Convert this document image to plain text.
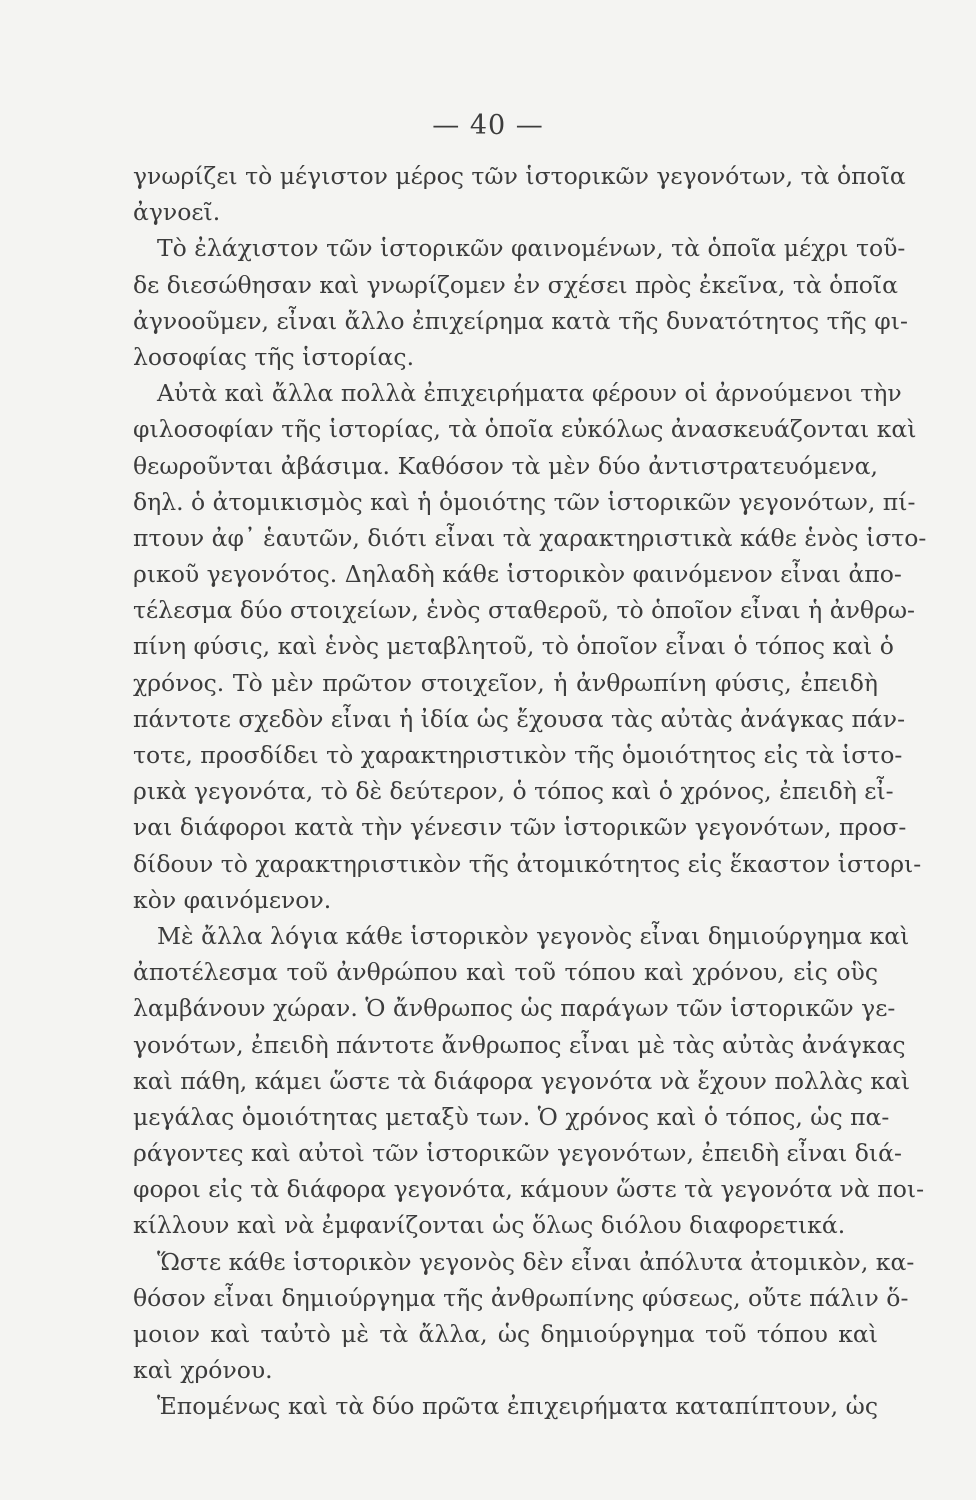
— 40 —
γνωρίζει τὸ μέγιστον μέρος τῶν ἱστορικῶν γεγονότων, τὰ ὁποῖα
ἀγνοεῖ.
Τὸ ἐλάχιστον τῶν ἱστορικῶν φαινομένων, τὰ ὁποῖα μέχρι τοῦ-
δε διεσώθησαν καὶ γνωρίζομεν ἐν σχέσει πρὸς ἐκεῖνα, τὰ ὁποῖα
ἀγνοοῦμεν, εἶναι ἄλλο ἐπιχείρημα κατὰ τῆς δυνατότητος τῆς φι-
λοσοφίας τῆς ἱστορίας.
Αὐτὰ καὶ ἄλλα πολλὰ ἐπιχειρήματα φέρουν οἱ ἀρνούμενοι τὴν
φιλοσοφίαν τῆς ἱστορίας, τὰ ὁποῖα εὐκόλως ἀνασκευάζονται καὶ
θεωροῦνται ἀβάσιμα. Καθόσον τὰ μὲν δύο ἀντιστρατευόμενα,
δηλ. ὁ ἀτομικισμὸς καὶ ἡ ὁμοιότης τῶν ἱστορικῶν γεγονότων, πί-
πτουν ἀφ᾽ ἑαυτῶν, διότι εἶναι τὰ χαρακτηριστικὰ κάθε ἑνὸς ἱστο-
ρικοῦ γεγονότος. Δηλαδὴ κάθε ἱστορικὸν φαινόμενον εἶναι ἀπο-
τέλεσμα δύο στοιχείων, ἑνὸς σταθεροῦ, τὸ ὁποῖον εἶναι ἡ ἀνθρω-
πίνη φύσις, καὶ ἑνὸς μεταβλητοῦ, τὸ ὁποῖον εἶναι ὁ τόπος καὶ ὁ
χρόνος. Τὸ μὲν πρῶτον στοιχεῖον, ἡ ἀνθρωπίνη φύσις, ἐπειδὴ
πάντοτε σχεδὸν εἶναι ἡ ἰδία ὡς ἔχουσα τὰς αὐτὰς ἀνάγκας πάν-
τοτε, προσδίδει τὸ χαρακτηριστικὸν τῆς ὁμοιότητος εἰς τὰ ἱστο-
ρικὰ γεγονότα, τὸ δὲ δεύτερον, ὁ τόπος καὶ ὁ χρόνος, ἐπειδὴ εἶ-
ναι διάφοροι κατὰ τὴν γένεσιν τῶν ἱστορικῶν γεγονότων, προσ-
δίδουν τὸ χαρακτηριστικὸν τῆς ἀτομικότητος εἰς ἕκαστον ἱστορι-
κὸν φαινόμενον.
Μὲ ἄλλα λόγια κάθε ἱστορικὸν γεγονὸς εἶναι δημιούργημα καὶ
ἀποτέλεσμα τοῦ ἀνθρώπου καὶ τοῦ τόπου καὶ χρόνου, εἰς οὓς
λαμβάνουν χώραν. Ὁ ἄνθρωπος ὡς παράγων τῶν ἱστορικῶν γε-
γονότων, ἐπειδὴ πάντοτε ἄνθρωπος εἶναι μὲ τὰς αὐτὰς ἀνάγκας
καὶ πάθη, κάμει ὥστε τὰ διάφορα γεγονότα νὰ ἔχουν πολλὰς καὶ
μεγάλας ὁμοιότητας μεταξὺ των. Ὁ χρόνος καὶ ὁ τόπος, ὡς πα-
ράγοντες καὶ αὐτοὶ τῶν ἱστορικῶν γεγονότων, ἐπειδὴ εἶναι διά-
φοροι εἰς τὰ διάφορα γεγονότα, κάμουν ὥστε τὰ γεγονότα νὰ ποι-
κίλλουν καὶ νὰ ἐμφανίζονται ὡς ὅλως διόλου διαφορετικά.
Ὥστε κάθε ἱστορικὸν γεγονὸς δὲν εἶναι ἀπόλυτα ἀτομικὸν, κα-
θόσον εἶναι δημιούργημα τῆς ἀνθρωπίνης φύσεως, οὔτε πάλιν ὅ-
μοιον καὶ ταὐτὸ μὲ τὰ ἄλλα, ὡς δημιούργημα τοῦ τόπου καὶ
καὶ χρόνου.
Ἑπομένως καὶ τὰ δύο πρῶτα ἐπιχειρήματα καταπίπτουν, ὡς
